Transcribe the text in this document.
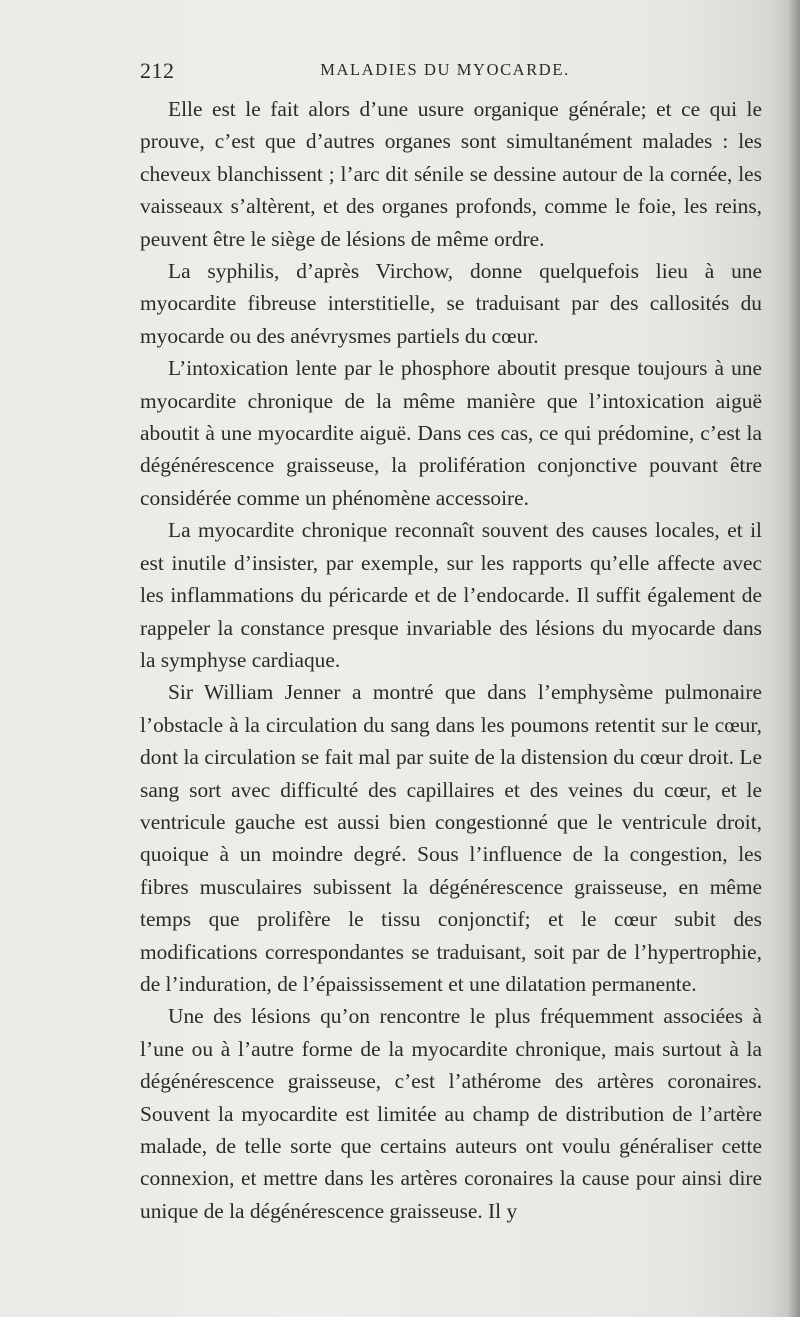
212	MALADIES DU MYOCARDE.

Elle est le fait alors d’une usure organique générale; et ce qui le prouve, c’est que d’autres organes sont simultanément malades : les cheveux blanchissent ; l’arc dit sénile se dessine autour de la cornée, les vaisseaux s’altèrent, et des organes profonds, comme le foie, les reins, peuvent être le siège de lésions de même ordre.

La syphilis, d’après Virchow, donne quelquefois lieu à une myocardite fibreuse interstitielle, se traduisant par des callosités du myocarde ou des anévrysmes partiels du cœur.

L’intoxication lente par le phosphore aboutit presque toujours à une myocardite chronique de la même manière que l’intoxication aiguë aboutit à une myocardite aiguë. Dans ces cas, ce qui prédomine, c’est la dégénérescence graisseuse, la prolifération conjonctive pouvant être considérée comme un phénomène accessoire.

La myocardite chronique reconnaît souvent des causes locales, et il est inutile d’insister, par exemple, sur les rapports qu’elle affecte avec les inflammations du péricarde et de l’endocarde. Il suffit également de rappeler la constance presque invariable des lésions du myocarde dans la symphyse cardiaque.

Sir William Jenner a montré que dans l’emphysème pulmonaire l’obstacle à la circulation du sang dans les poumons retentit sur le cœur, dont la circulation se fait mal par suite de la distension du cœur droit. Le sang sort avec difficulté des capillaires et des veines du cœur, et le ventricule gauche est aussi bien congestionné que le ventricule droit, quoique à un moindre degré. Sous l’influence de la congestion, les fibres musculaires subissent la dégénérescence graisseuse, en même temps que prolifère le tissu conjonctif; et le cœur subit des modifications correspondantes se traduisant, soit par de l’hypertrophie, de l’induration, de l’épaississement et une dilatation permanente.

Une des lésions qu’on rencontre le plus fréquemment associées à l’une ou à l’autre forme de la myocardite chronique, mais surtout à la dégénérescence graisseuse, c’est l’athérome des artères coronaires. Souvent la myocardite est limitée au champ de distribution de l’artère malade, de telle sorte que certains auteurs ont voulu généraliser cette connexion, et mettre dans les artères coronaires la cause pour ainsi dire unique de la dégénérescence graisseuse. Il y
